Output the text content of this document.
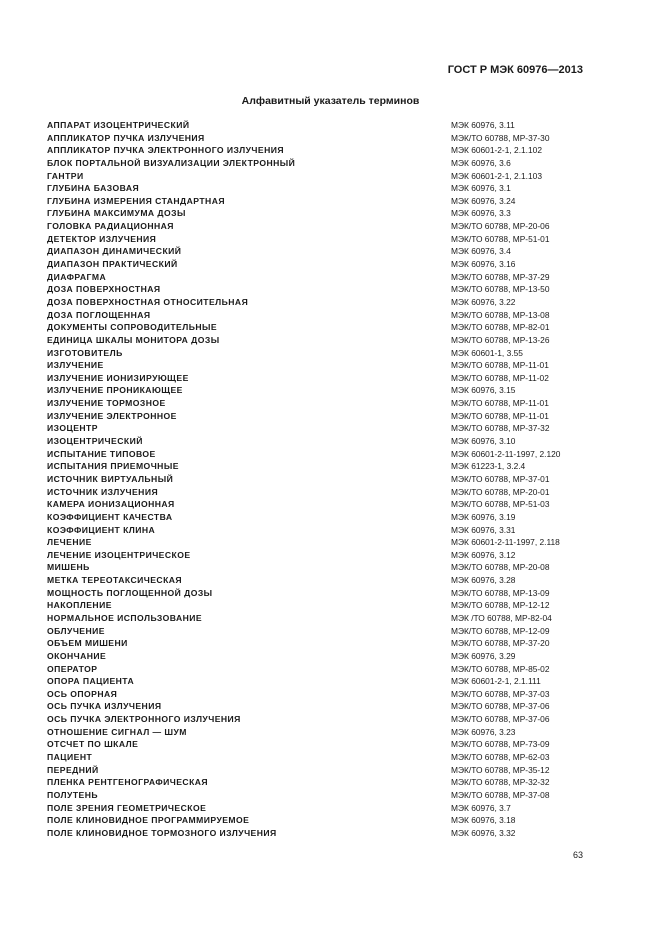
ГОСТ Р МЭК 60976—2013
Алфавитный указатель терминов
АППАРАТ ИЗОЦЕНТРИЧЕСКИЙ	МЭК 60976, 3.11
АППЛИКАТОР ПУЧКА ИЗЛУЧЕНИЯ	МЭК/ТО 60788, МР-37-30
АППЛИКАТОР ПУЧКА ЭЛЕКТРОННОГО ИЗЛУЧЕНИЯ	МЭК 60601-2-1, 2.1.102
БЛОК ПОРТАЛЬНОЙ ВИЗУАЛИЗАЦИИ ЭЛЕКТРОННЫЙ	МЭК 60976, 3.6
ГАНТРИ	МЭК 60601-2-1, 2.1.103
ГЛУБИНА БАЗОВАЯ	МЭК 60976, 3.1
ГЛУБИНА ИЗМЕРЕНИЯ СТАНДАРТНАЯ	МЭК 60976, 3.24
ГЛУБИНА МАКСИМУМА ДОЗЫ	МЭК 60976, 3.3
ГОЛОВКА РАДИАЦИОННАЯ	МЭК/ТО 60788, МР-20-06
ДЕТЕКТОР ИЗЛУЧЕНИЯ	МЭК/ТО 60788, МР-51-01
ДИАПАЗОН ДИНАМИЧЕСКИЙ	МЭК 60976, 3.4
ДИАПАЗОН ПРАКТИЧЕСКИЙ	МЭК 60976, 3.16
ДИАФРАГМА	МЭК/ТО 60788, МР-37-29
ДОЗА ПОВЕРХНОСТНАЯ	МЭК/ТО 60788, МР-13-50
ДОЗА ПОВЕРХНОСТНАЯ ОТНОСИТЕЛЬНАЯ	МЭК 60976, 3.22
ДОЗА ПОГЛОЩЕННАЯ	МЭК/ТО 60788, МР-13-08
ДОКУМЕНТЫ СОПРОВОДИТЕЛЬНЫЕ	МЭК/ТО 60788, МР-82-01
ЕДИНИЦА ШКАЛЫ МОНИТОРА ДОЗЫ	МЭК/ТО 60788, МР-13-26
ИЗГОТОВИТЕЛЬ	МЭК 60601-1, 3.55
ИЗЛУЧЕНИЕ	МЭК/ТО 60788, МР-11-01
ИЗЛУЧЕНИЕ ИОНИЗИРУЮЩЕЕ	МЭК/ТО 60788, МР-11-02
ИЗЛУЧЕНИЕ ПРОНИКАЮЩЕЕ	МЭК 60976, 3.15
ИЗЛУЧЕНИЕ ТОРМОЗНОЕ	МЭК/ТО 60788, МР-11-01
ИЗЛУЧЕНИЕ ЭЛЕКТРОННОЕ	МЭК/ТО 60788, МР-11-01
ИЗОЦЕНТР	МЭК/ТО 60788, МР-37-32
ИЗОЦЕНТРИЧЕСКИЙ	МЭК 60976, 3.10
ИСПЫТАНИЕ ТИПОВОЕ	МЭК 60601-2-11-1997, 2.120
ИСПЫТАНИЯ ПРИЕМОЧНЫЕ	МЭК 61223-1, 3.2.4
ИСТОЧНИК ВИРТУАЛЬНЫЙ	МЭК/ТО 60788, МР-37-01
ИСТОЧНИК ИЗЛУЧЕНИЯ	МЭК/ТО 60788, МР-20-01
КАМЕРА ИОНИЗАЦИОННАЯ	МЭК/ТО 60788, МР-51-03
КОЭФФИЦИЕНТ КАЧЕСТВА	МЭК 60976, 3.19
КОЭФФИЦИЕНТ КЛИНА	МЭК 60976, 3.31
ЛЕЧЕНИЕ	МЭК 60601-2-11-1997, 2.118
ЛЕЧЕНИЕ ИЗОЦЕНТРИЧЕСКОЕ	МЭК 60976, 3.12
МИШЕНЬ	МЭК/ТО 60788, МР-20-08
МЕТКА ТЕРЕОТАКСИЧЕСКАЯ	МЭК 60976, 3.28
МОЩНОСТЬ ПОГЛОЩЕННОЙ ДОЗЫ	МЭК/ТО 60788, МР-13-09
НАКОПЛЕНИЕ	МЭК/ТО 60788, МР-12-12
НОРМАЛЬНОЕ ИСПОЛЬЗОВАНИЕ	МЭК /ТО 60788, МР-82-04
ОБЛУЧЕНИЕ	МЭК/ТО 60788, МР-12-09
ОБЪЕМ МИШЕНИ	МЭК/ТО 60788, МР-37-20
ОКОНЧАНИЕ	МЭК 60976, 3.29
ОПЕРАТОР	МЭК/ТО 60788, МР-85-02
ОПОРА ПАЦИЕНТА	МЭК 60601-2-1, 2.1.111
ОСЬ ОПОРНАЯ	МЭК/ТО 60788, МР-37-03
ОСЬ ПУЧКА ИЗЛУЧЕНИЯ	МЭК/ТО 60788, МР-37-06
ОСЬ ПУЧКА ЭЛЕКТРОННОГО ИЗЛУЧЕНИЯ	МЭК/ТО 60788, МР-37-06
ОТНОШЕНИЕ СИГНАЛ — ШУМ	МЭК 60976, 3.23
ОТСЧЕТ ПО ШКАЛЕ	МЭК/ТО 60788, МР-73-09
ПАЦИЕНТ	МЭК/ТО 60788, МР-62-03
ПЕРЕДНИЙ	МЭК/ТО 60788, МР-35-12
ПЛЕНКА РЕНТГЕНОГРАФИЧЕСКАЯ	МЭК/ТО 60788, МР-32-32
ПОЛУТЕНЬ	МЭК/ТО 60788, МР-37-08
ПОЛЕ ЗРЕНИЯ ГЕОМЕТРИЧЕСКОЕ	МЭК 60976, 3.7
ПОЛЕ КЛИНОВИДНОЕ ПРОГРАММИРУЕМОЕ	МЭК 60976, 3.18
ПОЛЕ КЛИНОВИДНОЕ ТОРМОЗНОГО ИЗЛУЧЕНИЯ	МЭК 60976, 3.32
63
